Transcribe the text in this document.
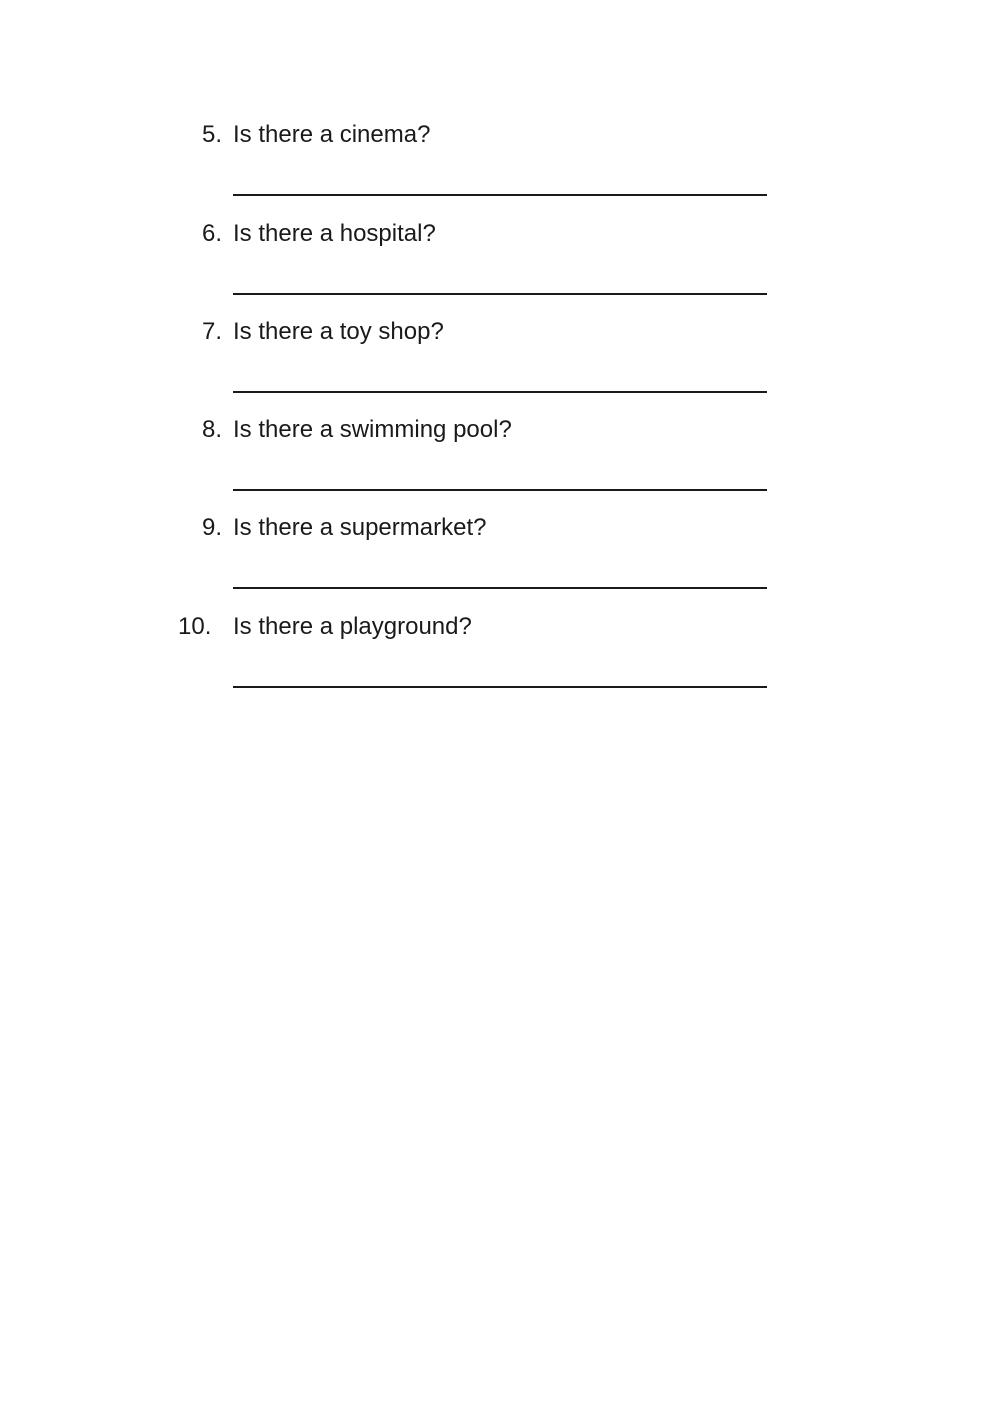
5. Is there a cinema?
6. Is there a hospital?
7. Is there a toy shop?
8. Is there a swimming pool?
9. Is there a supermarket?
10. Is there a playground?
